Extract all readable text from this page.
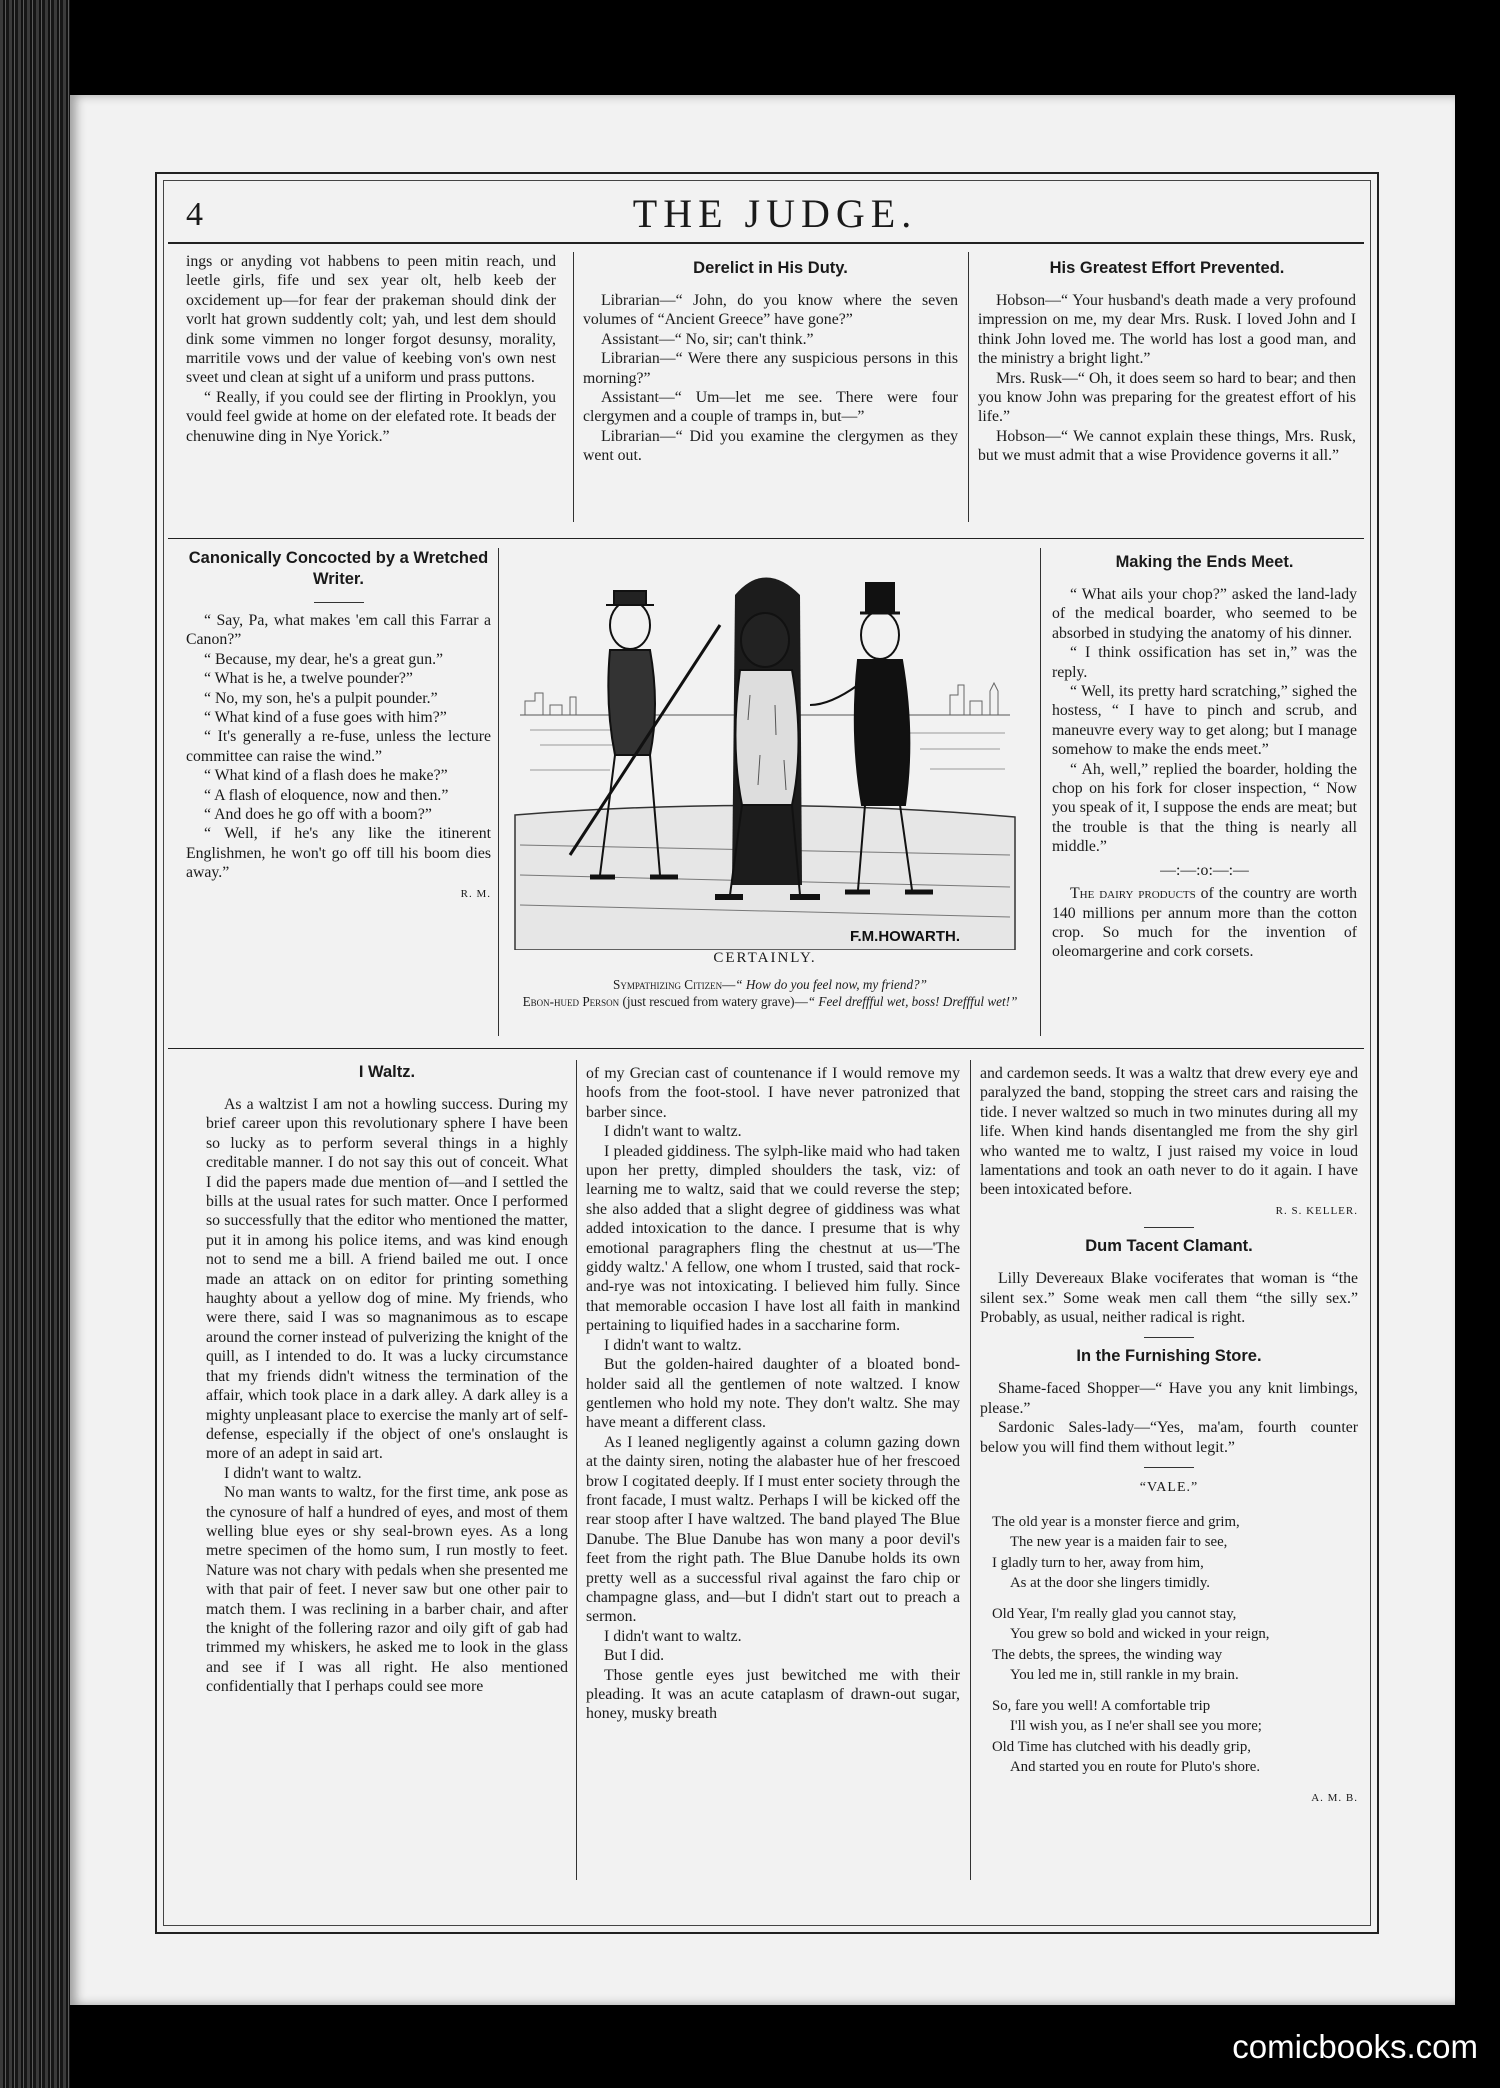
4	THE JUDGE.

ings or anyding vot habbens to peen mitin reach, und leetle girls, fife und sex year olt, helb keeb der oxcidement up—for fear der prakeman should dink der vorlt hat grown suddently colt; yah, und lest dem should dink some vimmen no longer forgot desunsy, morality, marritile vows und der value of keebing von's own nest sveet und clean at sight uf a uniform und prass puttons.

“ Really, if you could see der flirting in Prooklyn, you vould feel gwide at home on der elefated rote. It beads der chenuwine ding in Nye Yorick.”

Derelict in His Duty.

Librarian—“ John, do you know where the seven volumes of “Ancient Greece” have gone?”

Assistant—“ No, sir; can't think.”

Librarian—“ Were there any suspicious persons in this morning?”

Assistant—“ Um—let me see. There were four clergymen and a couple of tramps in, but—”

Librarian—“ Did you examine the clergymen as they went out.

His Greatest Effort Prevented.

Hobson—“ Your husband's death made a very profound impression on me, my dear Mrs. Rusk. I loved John and I think John loved me. The world has lost a good man, and the ministry a bright light.”

Mrs. Rusk—“ Oh, it does seem so hard to bear; and then you know John was preparing for the greatest effort of his life.”

Hobson—“ We cannot explain these things, Mrs. Rusk, but we must admit that a wise Providence governs it all.”

Canonically Concocted by a Wretched Writer.

“ Say, Pa, what makes 'em call this Farrar a Canon?”

“ Because, my dear, he's a great gun.”

“ What is he, a twelve pounder?”

“ No, my son, he's a pulpit pounder.”

“ What kind of a fuse goes with him?”

“ It's generally a re-fuse, unless the lecture committee can raise the wind.”

“ What kind of a flash does he make?”

“ A flash of eloquence, now and then.”

“ And does he go off with a boom?”

“ Well, if he's any like the itinerent Englishmen, he won't go off till his boom dies away.”

R. M.
F.M.HOWARTH.
CERTAINLY.
Sympathizing Citizen—“ How do you feel now, my friend?”
Ebon-hued Person (just rescued from watery grave)—“ Feel dreffful wet, boss! Dreffful wet!”
Making the Ends Meet.

“ What ails your chop?” asked the land-lady of the medical boarder, who seemed to be absorbed in studying the anatomy of his dinner.

“ I think ossification has set in,” was the reply.

“ Well, its pretty hard scratching,” sighed the hostess, “ I have to pinch and scrub, and maneuvre every way to get along; but I manage somehow to make the ends meet.”

“ Ah, well,” replied the boarder, holding the chop on his fork for closer inspection, “ Now you speak of it, I suppose the ends are meat; but the trouble is that the thing is nearly all middle.”

—:—:o:—:—

The dairy products of the country are worth 140 millions per annum more than the cotton crop. So much for the invention of oleomargerine and cork corsets.

I Waltz.

As a waltzist I am not a howling success. During my brief career upon this revolutionary sphere I have been so lucky as to perform several things in a highly creditable manner. I do not say this out of conceit. What I did the papers made due mention of—and I settled the bills at the usual rates for such matter. Once I performed so successfully that the editor who mentioned the matter, put it in among his police items, and was kind enough not to send me a bill. A friend bailed me out. I once made an attack on on editor for printing something haughty about a yellow dog of mine. My friends, who were there, said I was so magnanimous as to escape around the corner instead of pulverizing the knight of the quill, as I intended to do. It was a lucky circumstance that my friends didn't witness the termination of the affair, which took place in a dark alley. A dark alley is a mighty unpleasant place to exercise the manly art of self-defense, especially if the object of one's onslaught is more of an adept in said art.

I didn't want to waltz.

No man wants to waltz, for the first time, ank pose as the cynosure of half a hundred of eyes, and most of them welling blue eyes or shy seal-brown eyes. As a long metre specimen of the homo sum, I run mostly to feet. Nature was not chary with pedals when she presented me with that pair of feet. I never saw but one other pair to match them. I was reclining in a barber chair, and after the knight of the follering razor and oily gift of gab had trimmed my whiskers, he asked me to look in the glass and see if I was all right. He also mentioned confidentially that I perhaps could see more

of my Grecian cast of countenance if I would remove my hoofs from the foot-stool. I have never patronized that barber since.

I didn't want to waltz.

I pleaded giddiness. The sylph-like maid who had taken upon her pretty, dimpled shoulders the task, viz: of learning me to waltz, said that we could reverse the step; she also added that a slight degree of giddiness was what added intoxication to the dance. I presume that is why emotional paragraphers fling the chestnut at us—'The giddy waltz.' A fellow, one whom I trusted, said that rock-and-rye was not intoxicating. I believed him fully. Since that memorable occasion I have lost all faith in mankind pertaining to liquified hades in a saccharine form.

I didn't want to waltz.

But the golden-haired daughter of a bloated bond-holder said all the gentlemen of note waltzed. I know gentlemen who hold my note. They don't waltz. She may have meant a different class.

As I leaned negligently against a column gazing down at the dainty siren, noting the alabaster hue of her frescoed brow I cogitated deeply. If I must enter society through the front facade, I must waltz. Perhaps I will be kicked off the rear stoop after I have waltzed. The band played The Blue Danube. The Blue Danube has won many a poor devil's feet from the right path. The Blue Danube holds its own pretty well as a successful rival against the faro chip or champagne glass, and—but I didn't start out to preach a sermon.

I didn't want to waltz.

But I did.

Those gentle eyes just bewitched me with their pleading. It was an acute cataplasm of drawn-out sugar, honey, musky breath

and cardemon seeds. It was a waltz that drew every eye and paralyzed the band, stopping the street cars and raising the tide. I never waltzed so much in two minutes during all my life. When kind hands disentangled me from the shy girl who wanted me to waltz, I just raised my voice in loud lamentations and took an oath never to do it again. I have been intoxicated before.

R. S. KELLER.
Dum Tacent Clamant.

Lilly Devereaux Blake vociferates that woman is “the silent sex.” Some weak men call them “the silly sex.” Probably, as usual, neither radical is right.

In the Furnishing Store.

Shame-faced Shopper—“ Have you any knit limbings, please.”

Sardonic Sales-lady—“Yes, ma'am, fourth counter below you will find them without legit.”

“VALE.”

The old year is a monster fierce and grim,

The new year is a maiden fair to see,

I gladly turn to her, away from him,

As at the door she lingers timidly.

Old Year, I'm really glad you cannot stay,

You grew so bold and wicked in your reign,

The debts, the sprees, the winding way

You led me in, still rankle in my brain.

So, fare you well! A comfortable trip

I'll wish you, as I ne'er shall see you more;

Old Time has clutched with his deadly grip,

And started you en route for Pluto's shore.

A. M. B.
comicbooks.com
